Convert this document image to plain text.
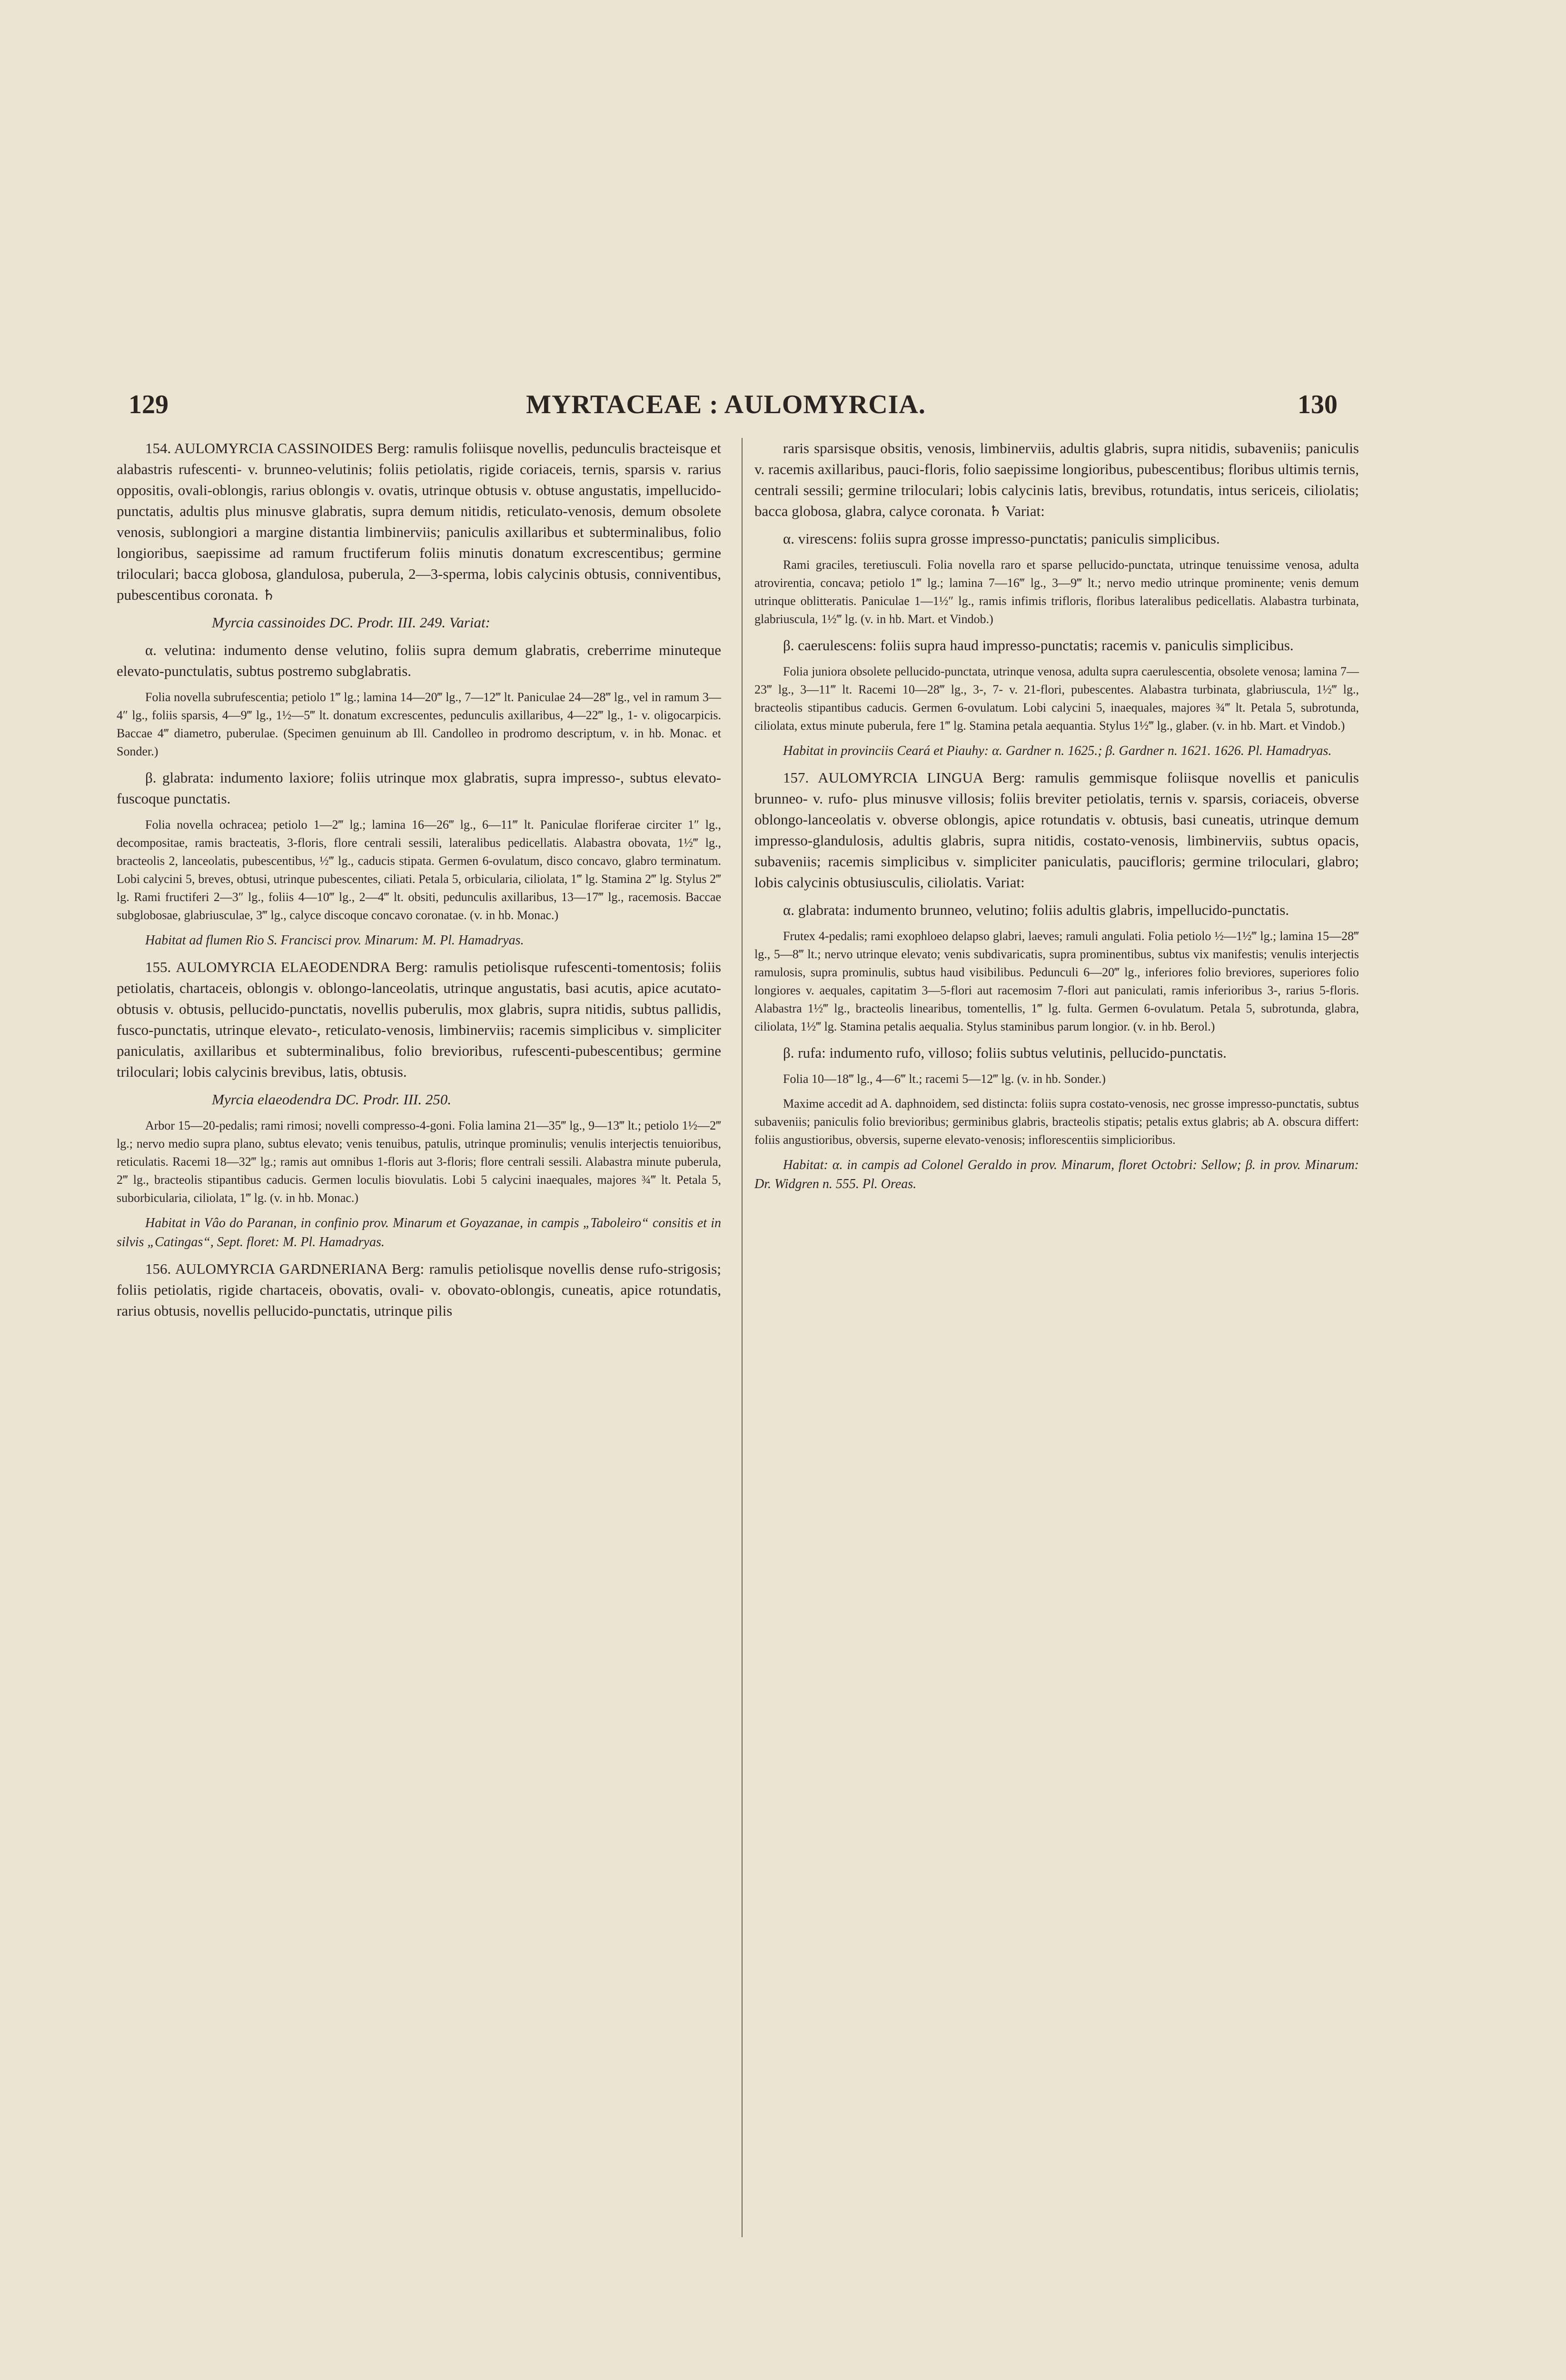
129	MYRTACEAE : AULOMYRCIA.	130

154. AULOMYRCIA CASSINOIDES Berg: ramulis foliisque novellis, pedunculis bracteisque et alabastris rufescenti- v. brunneo-velutinis; foliis petiolatis, rigide coriaceis, ternis, sparsis v. rarius oppositis, ovali-oblongis, rarius oblongis v. ovatis, utrinque obtusis v. obtuse angustatis, impellucido-punctatis, adultis plus minusve glabratis, supra demum nitidis, reticulato-venosis, demum obsolete venosis, sublongiori a margine distantia limbinerviis; paniculis axillaribus et subterminalibus, folio longioribus, saepissime ad ramum fructiferum foliis minutis donatum excrescentibus; germine triloculari; bacca globosa, glandulosa, puberula, 2—3-sperma, lobis calycinis obtusis, conniventibus, pubescentibus coronata. ♄

Myrcia cassinoides DC. Prodr. III. 249. Variat:

α. velutina: indumento dense velutino, foliis supra demum glabratis, creberrime minuteque elevato-punctulatis, subtus postremo subglabratis.

Folia novella subrufescentia; petiolo 1‴ lg.; lamina 14—20‴ lg., 7—12‴ lt. Paniculae 24—28‴ lg., vel in ramum 3—4″ lg., foliis sparsis, 4—9‴ lg., 1½—5‴ lt. donatum excrescentes, pedunculis axillaribus, 4—22‴ lg., 1- v. oligocarpicis. Baccae 4‴ diametro, puberulae. (Specimen genuinum ab Ill. Candolleo in prodromo descriptum, v. in hb. Monac. et Sonder.)

β. glabrata: indumento laxiore; foliis utrinque mox glabratis, supra impresso-, subtus elevato- fuscoque punctatis.

Folia novella ochracea; petiolo 1—2‴ lg.; lamina 16—26‴ lg., 6—11‴ lt. Paniculae floriferae circiter 1″ lg., decompositae, ramis bracteatis, 3-floris, flore centrali sessili, lateralibus pedicellatis. Alabastra obovata, 1½‴ lg., bracteolis 2, lanceolatis, pubescentibus, ½‴ lg., caducis stipata. Germen 6-ovulatum, disco concavo, glabro terminatum. Lobi calycini 5, breves, obtusi, utrinque pubescentes, ciliati. Petala 5, orbicularia, ciliolata, 1‴ lg. Stamina 2‴ lg. Stylus 2‴ lg. Rami fructiferi 2—3″ lg., foliis 4—10‴ lg., 2—4‴ lt. obsiti, pedunculis axillaribus, 13—17‴ lg., racemosis. Baccae subglobosae, glabriusculae, 3‴ lg., calyce discoque concavo coronatae. (v. in hb. Monac.)

Habitat ad flumen Rio S. Francisci prov. Minarum: M. Pl. Hamadryas.

155. AULOMYRCIA ELAEODENDRA Berg: ramulis petiolisque rufescenti-tomentosis; foliis petiolatis, chartaceis, oblongis v. oblongo-lanceolatis, utrinque angustatis, basi acutis, apice acutato-obtusis v. obtusis, pellucido-punctatis, novellis puberulis, mox glabris, supra nitidis, subtus pallidis, fusco-punctatis, utrinque elevato-, reticulato-venosis, limbinerviis; racemis simplicibus v. simpliciter paniculatis, axillaribus et subterminalibus, folio brevioribus, rufescenti-pubescentibus; germine triloculari; lobis calycinis brevibus, latis, obtusis.

Myrcia elaeodendra DC. Prodr. III. 250.

Arbor 15—20-pedalis; rami rimosi; novelli compresso-4-goni. Folia lamina 21—35‴ lg., 9—13‴ lt.; petiolo 1½—2‴ lg.; nervo medio supra plano, subtus elevato; venis tenuibus, patulis, utrinque prominulis; venulis interjectis tenuioribus, reticulatis. Racemi 18—32‴ lg.; ramis aut omnibus 1-floris aut 3-floris; flore centrali sessili. Alabastra minute puberula, 2‴ lg., bracteolis stipantibus caducis. Germen loculis biovulatis. Lobi 5 calycini inaequales, majores ¾‴ lt. Petala 5, suborbicularia, ciliolata, 1‴ lg. (v. in hb. Monac.)

Habitat in Vâo do Paranan, in confinio prov. Minarum et Goyazanae, in campis „Taboleiro“ consitis et in silvis „Catingas“, Sept. floret: M. Pl. Hamadryas.

156. AULOMYRCIA GARDNERIANA Berg: ramulis petiolisque novellis dense rufo-strigosis; foliis petiolatis, rigide chartaceis, obovatis, ovali- v. obovato-oblongis, cuneatis, apice rotundatis, rarius obtusis, novellis pellucido-punctatis, utrinque pilis

raris sparsisque obsitis, venosis, limbinerviis, adultis glabris, supra nitidis, subaveniis; paniculis v. racemis axillaribus, pauci-floris, folio saepissime longioribus, pubescentibus; floribus ultimis ternis, centrali sessili; germine triloculari; lobis calycinis latis, brevibus, rotundatis, intus sericeis, ciliolatis; bacca globosa, glabra, calyce coronata. ♄ Variat:

α. virescens: foliis supra grosse impresso-punctatis; paniculis simplicibus.

Rami graciles, teretiusculi. Folia novella raro et sparse pellucido-punctata, utrinque tenuissime venosa, adulta atrovirentia, concava; petiolo 1‴ lg.; lamina 7—16‴ lg., 3—9‴ lt.; nervo medio utrinque prominente; venis demum utrinque oblitteratis. Paniculae 1—1½″ lg., ramis infimis trifloris, floribus lateralibus pedicellatis. Alabastra turbinata, glabriuscula, 1½‴ lg. (v. in hb. Mart. et Vindob.)

β. caerulescens: foliis supra haud impresso-punctatis; racemis v. paniculis simplicibus.

Folia juniora obsolete pellucido-punctata, utrinque venosa, adulta supra caerulescentia, obsolete venosa; lamina 7—23‴ lg., 3—11‴ lt. Racemi 10—28‴ lg., 3-, 7- v. 21-flori, pubescentes. Alabastra turbinata, glabriuscula, 1½‴ lg., bracteolis stipantibus caducis. Germen 6-ovulatum. Lobi calycini 5, inaequales, majores ¾‴ lt. Petala 5, subrotunda, ciliolata, extus minute puberula, fere 1‴ lg. Stamina petala aequantia. Stylus 1½‴ lg., glaber. (v. in hb. Mart. et Vindob.)

Habitat in provinciis Ceará et Piauhy: α. Gardner n. 1625.; β. Gardner n. 1621. 1626. Pl. Hamadryas.

157. AULOMYRCIA LINGUA Berg: ramulis gemmisque foliisque novellis et paniculis brunneo- v. rufo- plus minusve villosis; foliis breviter petiolatis, ternis v. sparsis, coriaceis, obverse oblongo-lanceolatis v. obverse oblongis, apice rotundatis v. obtusis, basi cuneatis, utrinque demum impresso-glandulosis, adultis glabris, supra nitidis, costato-venosis, limbinerviis, subtus opacis, subaveniis; racemis simplicibus v. simpliciter paniculatis, paucifloris; germine triloculari, glabro; lobis calycinis obtusiusculis, ciliolatis. Variat:

α. glabrata: indumento brunneo, velutino; foliis adultis glabris, impellucido-punctatis.

Frutex 4-pedalis; rami exophloeo delapso glabri, laeves; ramuli angulati. Folia petiolo ½—1½‴ lg.; lamina 15—28‴ lg., 5—8‴ lt.; nervo utrinque elevato; venis subdivaricatis, supra prominentibus, subtus vix manifestis; venulis interjectis ramulosis, supra prominulis, subtus haud visibilibus. Pedunculi 6—20‴ lg., inferiores folio breviores, superiores folio longiores v. aequales, capitatim 3—5-flori aut racemosim 7-flori aut paniculati, ramis inferioribus 3-, rarius 5-floris. Alabastra 1½‴ lg., bracteolis linearibus, tomentellis, 1‴ lg. fulta. Germen 6-ovulatum. Petala 5, subrotunda, glabra, ciliolata, 1½‴ lg. Stamina petalis aequalia. Stylus staminibus parum longior. (v. in hb. Berol.)

β. rufa: indumento rufo, villoso; foliis subtus velutinis, pellucido-punctatis.

Folia 10—18‴ lg., 4—6‴ lt.; racemi 5—12‴ lg. (v. in hb. Sonder.)

Maxime accedit ad A. daphnoidem, sed distincta: foliis supra costato-venosis, nec grosse impresso-punctatis, subtus subaveniis; paniculis folio brevioribus; germinibus glabris, bracteolis stipatis; petalis extus glabris; ab A. obscura differt: foliis angustioribus, obversis, superne elevato-venosis; inflorescentiis simplicioribus.

Habitat: α. in campis ad Colonel Geraldo in prov. Minarum, floret Octobri: Sellow; β. in prov. Minarum: Dr. Widgren n. 555. Pl. Oreas.
